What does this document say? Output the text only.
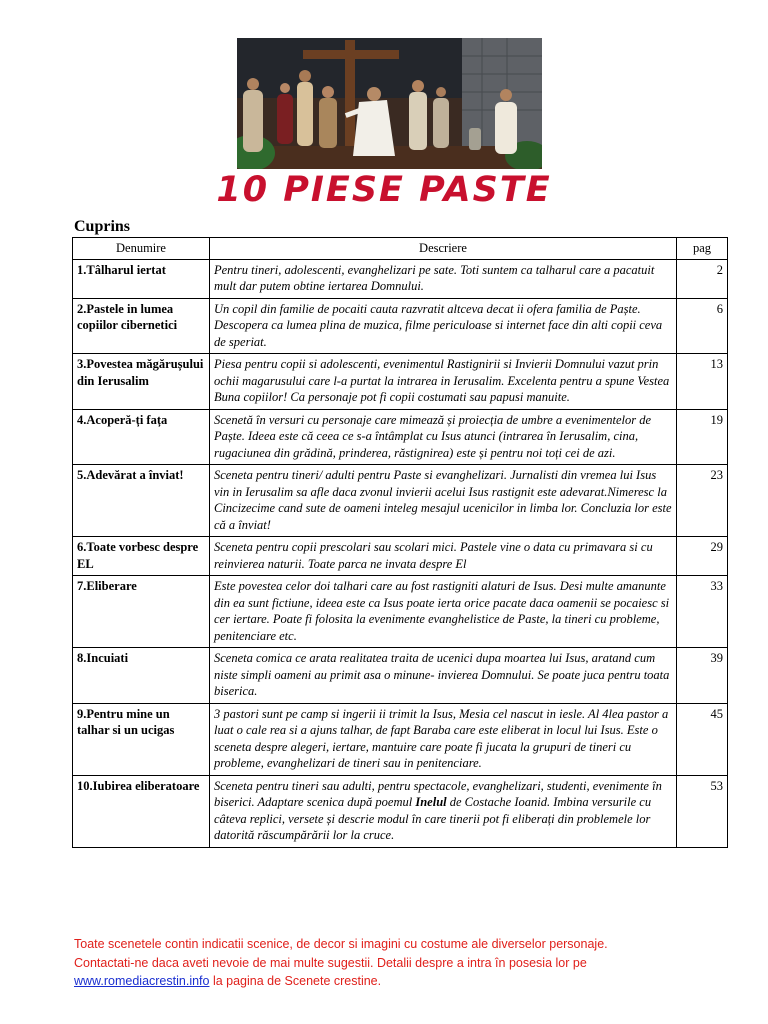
10 PIESE PASTE
Cuprins
Denumire	Descriere	pag
1.Tâlharul iertat	Pentru tineri, adolescenti, evanghelizari pe sate. Toti suntem ca talharul care a pacatuit mult dar putem obtine iertarea Domnului.	2
2.Pastele in lumea copiilor cibernetici	Un copil din familie de pocaiti cauta razvratit altceva decat ii ofera familia de Paște. Descopera ca lumea plina de muzica, filme periculoase si internet face din alti copii ceva de speriat.	6
3.Povestea măgărușului din Ierusalim	Piesa pentru copii si adolescenti, evenimentul Rastignirii si Invierii Domnului vazut prin ochii magarusului care l-a purtat la intrarea in Ierusalim. Excelenta pentru a spune Vestea Buna copiilor! Ca personaje pot fi copii costumati sau papusi manuite.	13
4.Acoperă-ți fața	Scenetă în versuri cu personaje care mimează și proiecția de umbre a evenimentelor de Paște. Ideea este că ceea ce s-a întâmplat cu Isus atunci (intrarea în Ierusalim, cina, rugaciunea din grădină, prinderea, răstignirea) este și pentru noi toți cei de azi.	19
5.Adevărat a înviat!	Sceneta pentru tineri/ adulti pentru Paste si evanghelizari. Jurnalisti din vremea lui Isus vin in Ierusalim sa afle daca zvonul invierii acelui Isus rastignit este adevarat.Nimeresc la Cincizecime cand sute de oameni inteleg mesajul ucenicilor in limba lor. Concluzia lor este că a înviat!	23
6.Toate vorbesc despre EL	Sceneta pentru copii prescolari sau scolari mici. Pastele vine o data cu primavara si cu reinvierea naturii. Toate parca ne invata despre El	29
7.Eliberare	Este povestea celor doi talhari care au fost rastigniti alaturi de Isus. Desi multe amanunte din ea sunt fictiune, ideea este ca Isus poate ierta orice pacate daca oamenii se pocaiesc si cer iertare. Poate fi folosita la evenimente evanghelistice de Paste, la tineri cu probleme, penitenciare etc.	33
8.Incuiati	Sceneta comica ce arata realitatea traita de ucenici dupa moartea lui Isus, aratand cum niste simpli oameni au primit asa o minune- invierea Domnului. Se poate juca pentru toata biserica.	39
9.Pentru mine un talhar si un ucigas	3 pastori sunt pe camp si ingerii ii trimit la Isus, Mesia cel nascut in iesle. Al 4lea pastor a luat o cale rea si a ajuns talhar, de fapt Baraba care este eliberat in locul lui Isus. Este o sceneta despre alegeri, iertare, mantuire care poate fi jucata la grupuri de tineri cu probleme, evanghelizari de tineri sau in penitenciare.	45
10.Iubirea eliberatoare	Sceneta pentru tineri sau adulti, pentru spectacole, evanghelizari, studenti, evenimente în biserici. Adaptare scenica după poemul Inelul de Costache Ioanid. Imbina versurile cu câteva replici, versete și descrie modul în care tinerii pot fi eliberați din problemele lor datorită răscumpărării lor la cruce.	53
Toate scenetele contin indicatii scenice, de decor si imagini cu costume ale diverselor personaje.
Contactati-ne daca aveti nevoie de mai multe sugestii. Detalii despre a intra în posesia lor pe
www.romediacrestin.info la pagina de Scenete crestine.
